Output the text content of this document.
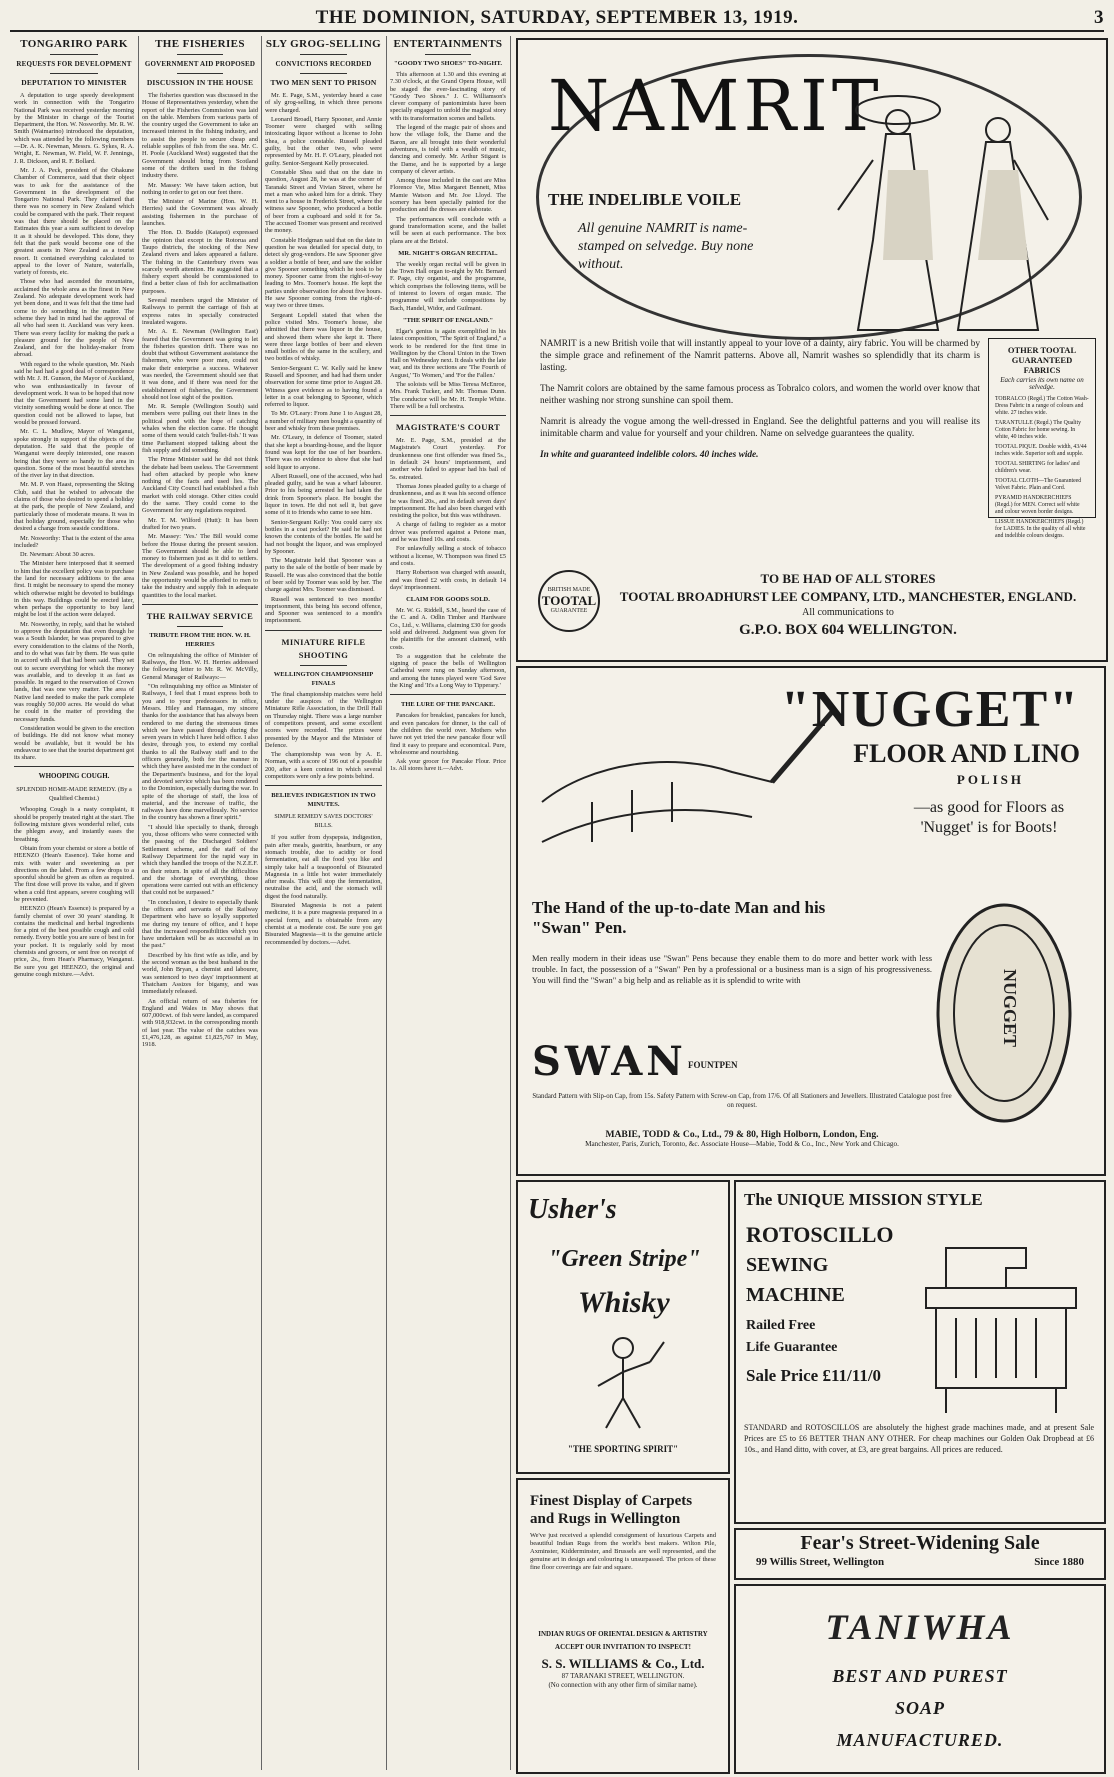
THE DOMINION, SATURDAY, SEPTEMBER 13, 1919.	3
TONGARIRO PARK
REQUESTS FOR DEVELOPMENT
DEPUTATION TO MINISTER

A deputation to urge speedy development work in connection with the Tongariro National Park was received yesterday morning by the Minister in charge of the Tourist Department, the Hon. W. Nosworthy. Mr. R. W. Smith (Waimarino) introduced the deputation, which was attended by the following members—Dr. A. K. Newman, Messrs. G. Sykes, R. A. Wright, E. Newman, W. Field, W. F. Jennings, J. R. Dickson, and R. F. Bollard.

Mr. J. A. Peck, president of the Ohakune Chamber of Commerce, said that their object was to ask for the assistance of the Government in the development of the Tongariro National Park. They claimed that there was no scenery in New Zealand which could be compared with the park. Their request was that there should be placed on the Estimates this year a sum sufficient to develop it as it should be developed. This done, they felt that the park would become one of the greatest assets in New Zealand as a tourist resort. It contained everything calculated to appeal to the lover of Nature, waterfalls, variety of forests, etc.

Those who had ascended the mountains, acclaimed the whole area as the finest in New Zealand. No adequate development work had yet been done, and it was felt that the time had come to do something in the matter. The scheme they had in mind had the approval of all who had seen it. Auckland was very keen. There was every facility for making the park a pleasure ground for the people of New Zealand, and for the holiday-maker from abroad.

With regard to the whole question, Mr. Nash said he had had a good deal of correspondence with Mr. J. H. Gunson, the Mayor of Auckland, who was enthusiastically in favour of development work. It was to be hoped that now that the Government had some land in the vicinity something would be done at once. The question could not be allowed to lapse, but would be pressed forward.

Mr. C. L. Mudlow, Mayor of Wanganui, spoke strongly in support of the objects of the deputation. He said that the people of Wanganui were deeply interested, one reason being that they were so handy to the area in question. Some of the most beautiful stretches of the river lay in that direction.

Mr. M. P. von Haast, representing the Skiing Club, said that he wished to advocate the claims of those who desired to spend a holiday at the park, the people of New Zealand, and particularly those of moderate means. It was in that holiday ground, especially for those who desired a change from seaside conditions.

Mr. Nosworthy: That is the extent of the area included?

Dr. Newman: About 30 acres.

The Minister here interposed that it seemed to him that the excellent policy was to purchase the land for necessary additions to the area first. It might be necessary to spend the money which otherwise might be devoted to buildings in this way. Buildings could be erected later, when perhaps the opportunity to buy land might be lost if the action were delayed.

Mr. Nosworthy, in reply, said that he wished to approve the deputation that even though he was a South Islander, he was prepared to give every consideration to the claims of the North, and to do what was fair by them. He was quite in accord with all that had been said. They set out to secure everything for which the money was available, and to develop it as fast as possible. In regard to the reservation of Crown lands, that was one very matter. The area of Native land needed to make the park complete was roughly 50,000 acres. He would do what he could in the matter of providing the necessary funds.

Consideration would be given to the erection of buildings. He did not know what money would be available, but it would be his endeavour to see that the tourist department got its share.

WHOOPING COUGH.
SPLENDID HOME-MADE REMEDY. (By a Qualified Chemist.)

Whooping Cough is a nasty complaint, it should be properly treated right at the start. The following mixture gives wonderful relief, cuts the phlegm away, and instantly eases the breathing.

Obtain from your chemist or store a bottle of HEENZO (Hean's Essence). Take home and mix with water and sweetening as per directions on the label. From a few drops to a spoonful should be given as often as required. The first dose will prove its value, and if given when a cold first appears, severe coughing will be prevented.

HEENZO (Hean's Essence) is prepared by a family chemist of over 30 years' standing. It contains the medicinal and herbal ingredients for a pint of the best possible cough and cold remedy. Every bottle you are sure of best in for your pocket. It is regularly sold by most chemists and grocers, or sent free on receipt of price, 2s., from Hean's Pharmacy, Wanganui. Be sure you get HEENZO, the original and genuine cough mixture.—Advt.

THE FISHERIES
GOVERNMENT AID PROPOSED
DISCUSSION IN THE HOUSE

The fisheries question was discussed in the House of Representatives yesterday, when the report of the Fisheries Commission was laid on the table. Members from various parts of the country urged the Government to take an increased interest in the fishing industry, and to assist the people to secure cheap and reliable supplies of fish from the sea. Mr. C. H. Poole (Auckland West) suggested that the Government should bring from Scotland some of the drifters used in the fishing industry there.

Mr. Massey: We have taken action, but nothing in order to get on our feet there.

The Minister of Marine (Hon. W. H. Herries) said the Government was already assisting fishermen in the purchase of launches.

The Hon. D. Buddo (Kaiapoi) expressed the opinion that except in the Rotorua and Taupo districts, the stocking of the New Zealand rivers and lakes appeared a failure. The fishing in the Canterbury rivers was scarcely worth attention. He suggested that a fishery expert should be commissioned to find a better class of fish for acclimatisation purposes.

Several members urged the Minister of Railways to permit the carriage of fish at express rates in specially constructed insulated wagons.

Mr. A. E. Newman (Wellington East) feared that the Government was going to let the fisheries question drift. There was no doubt that without Government assistance the fishermen, who were poor men, could not make their enterprise a success. Whatever was needed, the Government should see that it was done, and if there was need for the establishment of fisheries, the Government should not lose sight of the position.

Mr. R. Semple (Wellington South) said members were pulling out their lines in the political pond with the hope of catching whales when the election came. He thought some of them would catch 'bullet-fish.' It was time Parliament stopped talking about the fish supply and did something.

The Prime Minister said he did not think the debate had been useless. The Government had often attacked by people who knew nothing of the facts and used lies. The Auckland City Council had established a fish market with cold storage. Other cities could do the same. They could come to the Government for any regulations required.

Mr. T. M. Wilford (Hutt): It has been drafted for two years.

Mr. Massey: 'Yes.' The Bill would come before the House during the present session. The Government should be able to lend money to fishermen just as it did to settlers. The development of a good fishing industry in New Zealand was possible, and he hoped the opportunity would be afforded to men to take the industry and supply fish in adequate quantities to the local market.

THE RAILWAY SERVICE
TRIBUTE FROM THE HON. W. H. HERRIES

On relinquishing the office of Minister of Railways, the Hon. W. H. Herries addressed the following letter to Mr. R. W. McVilly, General Manager of Railways:—

"On relinquishing my office as Minister of Railways, I feel that I must express both to you and to your predecessors in office, Messrs. Hiley and Hannagan, my sincere thanks for the assistance that has always been rendered to me during the strenuous times which we have passed through during the seven years in which I have held office. I also desire, through you, to extend my cordial thanks to all the Railway staff and to the officers generally, both for the manner in which they have assisted me in the conduct of the Department's business, and for the loyal and devoted service which has been rendered to the Dominion, especially during the war. In spite of the shortage of staff, the loss of material, and the increase of traffic, the railways have done marvellously. No service in the country has shown a finer spirit."

"I should like specially to thank, through you, those officers who were connected with the passing of the Discharged Soldiers' Settlement scheme, and the staff of the Railway Department for the rapid way in which they handled the troops of the N.Z.E.F. on their return. In spite of all the difficulties and the shortage of everything, those operations were carried out with an efficiency that could not be surpassed."

"In conclusion, I desire to especially thank the officers and servants of the Railway Department who have so loyally supported me during my tenure of office, and I hope that the increased responsibilities which you have undertaken will be as successful as in the past."

Described by his first wife as idle, and by the second woman as the best husband in the world, John Bryan, a chemist and labourer, was sentenced to two days' imprisonment at Thatcham Assizes for bigamy, and was immediately released.

An official return of sea fisheries for England and Wales in May shows that 607,000cwt. of fish were landed, as compared with 918,932cwt. in the corresponding month of last year. The value of the catches was £1,476,128, as against £1,825,767 in May, 1918.

SLY GROG-SELLING
CONVICTIONS RECORDED
TWO MEN SENT TO PRISON

Mr. E. Page, S.M., yesterday heard a case of sly grog-selling, in which three persons were charged.

Leonard Broadl, Harry Spooner, and Annie Toomer were charged with selling intoxicating liquor without a license to John Shea, a police constable. Russell pleaded guilty, but the other two, who were represented by Mr. H. F. O'Leary, pleaded not guilty. Senior-Sergeant Kelly prosecuted.

Constable Shea said that on the date in question, August 28, he was at the corner of Taranaki Street and Vivian Street, where he met a man who asked him for a drink. They went to a house in Frederick Street, where the witness saw Spooner, who produced a bottle of beer from a cupboard and sold it for 5s. The accused Toomer was present and received the money.

Constable Hodgman said that on the date in question he was detailed for special duty, to detect sly grog-vendors. He saw Spooner give a soldier a bottle of beer, and saw the soldier give Spooner something which he took to be money. Spooner came from the right-of-way leading to Mrs. Toomer's house. He kept the parties under observation for about five hours. He saw Spooner coming from the right-of-way two or three times.

Sergeant Lopdell stated that when the police visited Mrs. Toomer's house, she admitted that there was liquor in the house, and showed them where she kept it. There were three large bottles of beer and eleven small bottles of the same in the scullery, and two bottles of whisky.

Senior-Sergeant C. W. Kelly said he knew Russell and Spooner, and had had them under observation for some time prior to August 28. Witness gave evidence as to having found a letter in a coat belonging to Spooner, which referred to liquor.

To Mr. O'Leary: From June 1 to August 28, a number of military men bought a quantity of beer and whisky from these premises.

Mr. O'Leary, in defence of Toomer, stated that she kept a boarding-house, and the liquor found was kept for the use of her boarders. There was no evidence to show that she had sold liquor to anyone.

Albert Russell, one of the accused, who had pleaded guilty, said he was a wharf labourer. Prior to his being arrested he had taken the drink from Spooner's place. He bought the liquor in town. He did not sell it, but gave some of it to friends who came to see him.

Senior-Sergeant Kelly: You could carry six bottles in a coat pocket? He said he had not known the contents of the bottles. He said he had not bought the liquor, and was employed by Spooner.

The Magistrate held that Spooner was a party to the sale of the bottle of beer made by Russell. He was also convinced that the bottle of beer sold by Toomer was sold by her. The charge against Mrs. Toomer was dismissed.

Russell was sentenced to two months' imprisonment, this being his second offence, and Spooner was sentenced to a month's imprisonment.

MINIATURE RIFLE SHOOTING
WELLINGTON CHAMPIONSHIP FINALS

The final championship matches were held under the auspices of the Wellington Miniature Rifle Association, in the Drill Hall on Thursday night. There was a large number of competitors present, and some excellent scores were recorded. The prizes were presented by the Mayor and the Minister of Defence.

The championship was won by A. E. Norman, with a score of 196 out of a possible 200, after a keen contest in which several competitors were only a few points behind.

BELIEVES INDIGESTION IN TWO MINUTES.
SIMPLE REMEDY SAVES DOCTORS' BILLS.

If you suffer from dyspepsia, indigestion, pain after meals, gastritis, heartburn, or any stomach trouble, due to acidity or food fermentation, eat all the food you like and simply take half a teaspoonful of Bisurated Magnesia in a little hot water immediately after meals. This will stop the fermentation, neutralise the acid, and the stomach will digest the food naturally.

Bisurated Magnesia is not a patent medicine, it is a pure magnesia prepared in a special form, and is obtainable from any chemist at a moderate cost. Be sure you get Bisurated Magnesia—it is the genuine article recommended by doctors.—Advt.

ENTERTAINMENTS
"GOODY TWO SHOES" TO-NIGHT.

This afternoon at 1.30 and this evening at 7.30 o'clock, at the Grand Opera House, will be staged the ever-fascinating story of "Goody Two Shoes." J. C. Williamson's clever company of pantomimists have been specially engaged to unfold the magical story with its transformation scenes and ballets.

The legend of the magic pair of shoes and how the village folk, the Dame and the Baron, are all brought into their wonderful adventures, is told with a wealth of music, dancing and comedy. Mr. Arthur Stigant is the Dame, and he is supported by a large company of clever artists.

Among those included in the cast are Miss Florence Vie, Miss Margaret Bennett, Miss Mamie Watson and Mr. Joe Lloyd. The scenery has been specially painted for the production and the dresses are elaborate.

The performances will conclude with a grand transformation scene, and the ballet will be seen at each performance. The box plans are at the Bristol.

MR. NIGHT'S ORGAN RECITAL.

The weekly organ recital will be given in the Town Hall organ to-night by Mr. Bernard F. Page, city organist, and the programme, which comprises the following items, will be of interest to lovers of organ music. The programme will include compositions by Bach, Handel, Widor, and Guilmant.

"THE SPIRIT OF ENGLAND."

Elgar's genius is again exemplified in his latest composition, "The Spirit of England," a work to be rendered for the first time in Wellington by the Choral Union in the Town Hall on Wednesday next. It deals with the late war, and its three sections are 'The Fourth of August,' 'To Women,' and 'For the Fallen.'

The soloists will be Miss Teresa McEnroe, Mrs. Frank Tucker, and Mr. Thomas Dunn. The conductor will be Mr. H. Temple White. There will be a full orchestra.

MAGISTRATE'S COURT

Mr. E. Page, S.M., presided at the Magistrate's Court yesterday. For drunkenness one first offender was fined 5s., in default 24 hours' imprisonment, and another who failed to appear had his bail of 5s. estreated.

Thomas Jones pleaded guilty to a charge of drunkenness, and as it was his second offence he was fined 20s., and in default seven days' imprisonment. He had also been charged with resisting the police, but this was withdrawn.

A charge of failing to register as a motor driver was preferred against a Petone man, and he was fined 10s. and costs.

For unlawfully selling a stock of tobacco without a license, W. Thompson was fined £5 and costs.

Harry Robertson was charged with assault, and was fined £2 with costs, in default 14 days' imprisonment.

CLAIM FOR GOODS SOLD.

Mr. W. G. Riddell, S.M., heard the case of the C. and A. Odlin Timber and Hardware Co., Ltd., v. Williams, claiming £30 for goods sold and delivered. Judgment was given for the plaintiffs for the amount claimed, with costs.

To a suggestion that he celebrate the signing of peace the bells of Wellington Cathedral were rung on Sunday afternoon, and among the tunes played were 'God Save the King' and 'It's a Long Way to Tipperary.'

THE LURE OF THE PANCAKE.

Pancakes for breakfast, pancakes for lunch, and even pancakes for dinner, is the call of the children the world over. Mothers who have not yet tried the new pancake flour will find it easy to prepare and economical. Pure, wholesome and nourishing.

Ask your grocer for Pancake Flour. Price 1s. All stores have it.—Advt.

NAMRIT
THE INDELIBLE VOILE
All genuine NAMRIT is name-stamped on selvedge. Buy none without.

NAMRIT is a new British voile that will instantly appeal to your love of a dainty, airy fabric. You will be charmed by the simple grace and refinement of the Namrit patterns. Above all, Namrit washes so splendidly that its charm is lasting.

The Namrit colors are obtained by the same famous process as Tobralco colors, and women the world over know that neither washing nor strong sunshine can spoil them.

Namrit is already the vogue among the well-dressed in England. See the delightful patterns and you will realise its inimitable charm and value for yourself and your children. Name on selvedge guarantees the quality.

In white and guaranteed indelible colors. 40 inches wide.

OTHER TOOTAL GUARANTEED FABRICS
Each carries its own name on selvedge.
TOBRALCO (Regd.) The Cotton Wash-Dress Fabric in a range of colours and white. 27 inches wide.
TARANTULLE (Regd.) The Quality Cotton Fabric for home sewing. In white, 40 inches wide.
TOOTAL PIQUE. Double width, 43/44 inches wide. Superior soft and supple.
TOOTAL SHIRTING for ladies' and children's wear.
TOOTAL CLOTH—The Guaranteed Velvet Fabric. Plain and Cord.
PYRAMID HANDKERCHIEFS (Regd.) for MEN. Correct self white and colour woven border designs.
LISSUE HANDKERCHIEFS (Regd.) for LADIES. In the quality of all white and indelible colours designs.
BRITISH MADE
TOOTAL
GUARANTEE
TO BE HAD OF ALL STORES
TOOTAL BROADHURST LEE COMPANY, LTD., MANCHESTER, ENGLAND.
All communications to
G.P.O. BOX 604 WELLINGTON.
"NUGGET"
FLOOR AND LINO
POLISH
—as good for Floors as 'Nugget' is for Boots!
NUGGET
The Hand of the up-to-date Man and his "Swan" Pen.
Men really modern in their ideas use "Swan" Pens because they enable them to do more and better work with less trouble. In fact, the possession of a "Swan" Pen by a professional or a business man is a sign of his progressiveness. You will find the "Swan" a big help and as reliable as it is splendid to write with
SWAN FOUNTPEN
Standard Pattern with Slip-on Cap, from 15s. Safety Pattern with Screw-on Cap, from 17/6. Of all Stationers and Jewellers. Illustrated Catalogue post free on request.
MABIE, TODD & Co., Ltd., 79 & 80, High Holborn, London, Eng.
Manchester, Paris, Zurich, Toronto, &c. Associate House—Mabie, Todd & Co., Inc., New York and Chicago.
Usher's
"Green Stripe"
Whisky
"THE SPORTING SPIRIT"
Finest Display of Carpets and Rugs in Wellington
We've just received a splendid consignment of luxurious Carpets and beautiful Indian Rugs from the world's best makers. Wilton Pile, Axminster, Kidderminster, and Brussels are well represented, and the genuine art in design and colouring is unsurpassed. The prices of these fine floor coverings are fair and square.
INDIAN RUGS OF ORIENTAL DESIGN & ARTISTRY
ACCEPT OUR INVITATION TO INSPECT!
S. S. WILLIAMS & Co., Ltd.
87 TARANAKI STREET, WELLINGTON.
(No connection with any other firm of similar name).
The UNIQUE MISSION STYLE
ROTOSCILLO
SEWING
MACHINE
Railed Free
Life Guarantee
Sale Price £11/11/0
STANDARD and ROTOSCILLOS are absolutely the highest grade machines made, and at present Sale Prices are £5 to £6 BETTER THAN ANY OTHER. For cheap machines our Golden Oak Dropbead at £6 10s., and Hand ditto, with cover, at £3, are great bargains. All prices are reduced.
Fear's Street-Widening Sale
99 Willis Street, Wellington	Since 1880
TANIWHA
BEST AND PUREST
SOAP
MANUFACTURED.
